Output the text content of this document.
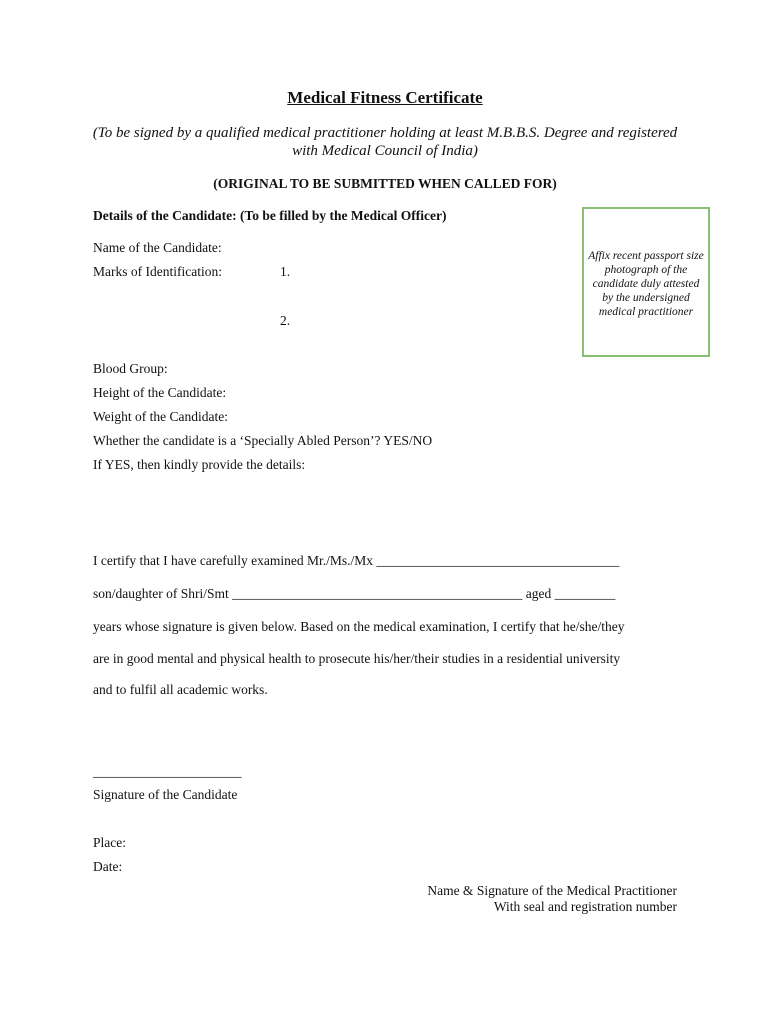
Medical Fitness Certificate
(To be signed by a qualified medical practitioner holding at least M.B.B.S. Degree and registered with Medical Council of India)
(ORIGINAL TO BE SUBMITTED WHEN CALLED FOR)
Details of the Candidate: (To be filled by the Medical Officer)
Affix recent passport size photograph of the candidate duly attested by the undersigned medical practitioner
Name of the Candidate:
Marks of Identification:	1.
2.
Blood Group:
Height of the Candidate:
Weight of the Candidate:
Whether the candidate is a ‘Specially Abled Person’? YES/NO
If YES, then kindly provide the details:
I certify that I have carefully examined Mr./Ms./Mx ____________________________________
son/daughter of Shri/Smt ___________________________________________ aged _________
years whose signature is given below. Based on the medical examination, I certify that he/she/they
are in good mental and physical health to prosecute his/her/their studies in a residential university
and to fulfil all academic works.
______________________
Signature of the Candidate
Place:
Date:
Name & Signature of the Medical Practitioner
With seal and registration number
